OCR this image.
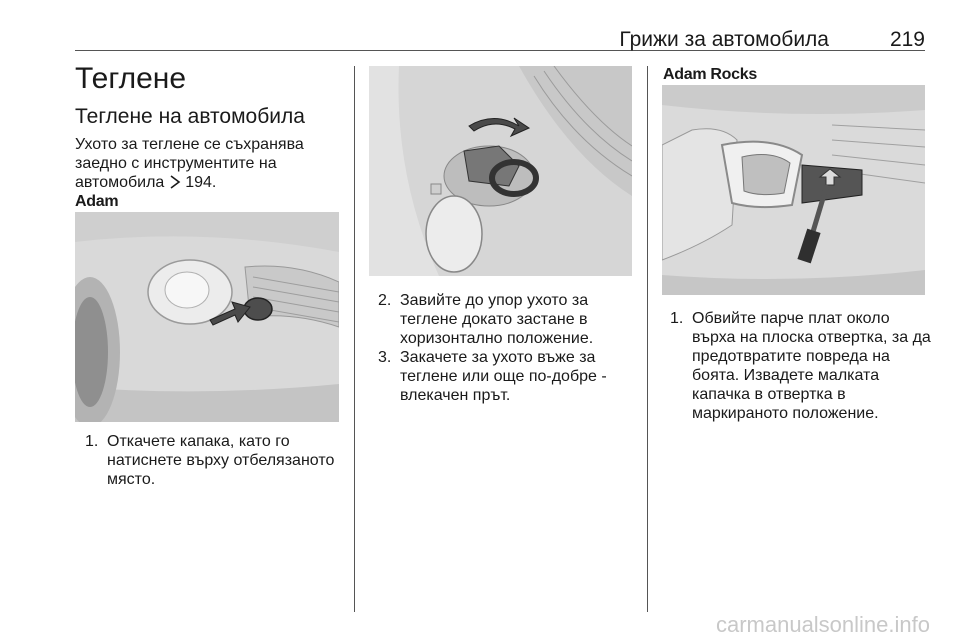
Грижи за автомобила	219
Теглене
Теглене на автомобила
Ухото за теглене се съхранява заедно с инструментите на автомобила 194.
Adam
1. Откачете капака, като го натиснете върху отбелязаното място.
2. Завийте до упор ухото за теглене докато застане в хоризонтално положение.
3. Закачете за ухото въже за теглене или още по-добре - влекачен прът.
Adam Rocks
1. Обвийте парче плат около върха на плоска отвертка, за да предотвратите повреда на боята. Извадете малката капачка в отвертка в маркираното положение.
carmanualsonline.info
